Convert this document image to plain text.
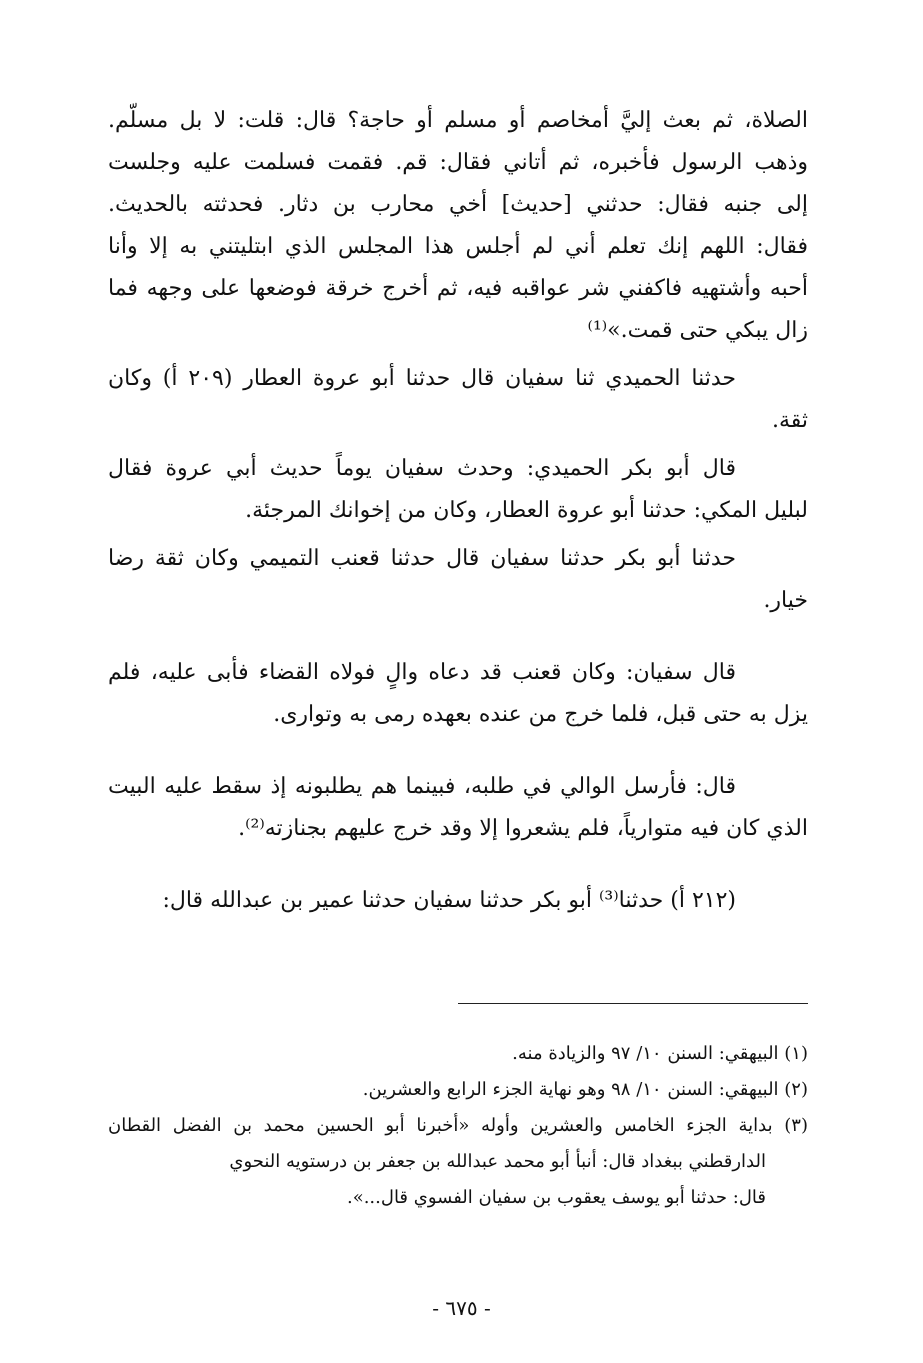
الصلاة، ثم بعث إليَّ أمخاصم أو مسلم أو حاجة؟ قال: قلت: لا بل مسلّم.
وذهب الرسول فأخبره، ثم أتاني فقال: قم. فقمت فسلمت عليه وجلست
إلى جنبه فقال: حدثني [حديث] أخي محارب بن دثار. فحدثته بالحديث.
فقال: اللهم إنك تعلم أني لم أجلس هذا المجلس الذي ابتليتني به إلا وأنا
أحبه وأشتهيه فاكفني شر عواقبه فيه، ثم أخرج خرقة فوضعها على وجهه فما
زال يبكي حتى قمت.»⁽¹⁾
حدثنا الحميدي ثنا سفيان قال حدثنا أبو عروة العطار (٢٠٩ أ) وكان
ثقة.
قال أبو بكر الحميدي: وحدث سفيان يوماً حديث أبي عروة فقال
لبليل المكي: حدثنا أبو عروة العطار، وكان من إخوانك المرجئة.
حدثنا أبو بكر حدثنا سفيان قال حدثنا قعنب التميمي وكان ثقة رضا
خيار.
قال سفيان: وكان قعنب قد دعاه والٍ فولاه القضاء فأبى عليه، فلم
يزل به حتى قبل، فلما خرج من عنده بعهده رمى به وتوارى.
قال: فأرسل الوالي في طلبه، فبينما هم يطلبونه إذ سقط عليه البيت
الذي كان فيه متوارياً، فلم يشعروا إلا وقد خرج عليهم بجنازته⁽²⁾.
(٢١٢ أ) حدثنا⁽³⁾ أبو بكر حدثنا سفيان حدثنا عمير بن عبدالله قال:
(١) البيهقي: السنن ١٠/ ٩٧ والزيادة منه.
(٢) البيهقي: السنن ١٠/ ٩٨ وهو نهاية الجزء الرابع والعشرين.
(٣) بداية الجزء الخامس والعشرين وأوله «أخبرنا أبو الحسين محمد بن الفضل القطان
الدارقطني ببغداد قال: أنبأ أبو محمد عبدالله بن جعفر بن درستويه النحوي
قال: حدثنا أبو يوسف يعقوب بن سفيان الفسوي قال...».
- ٦٧٥ -
